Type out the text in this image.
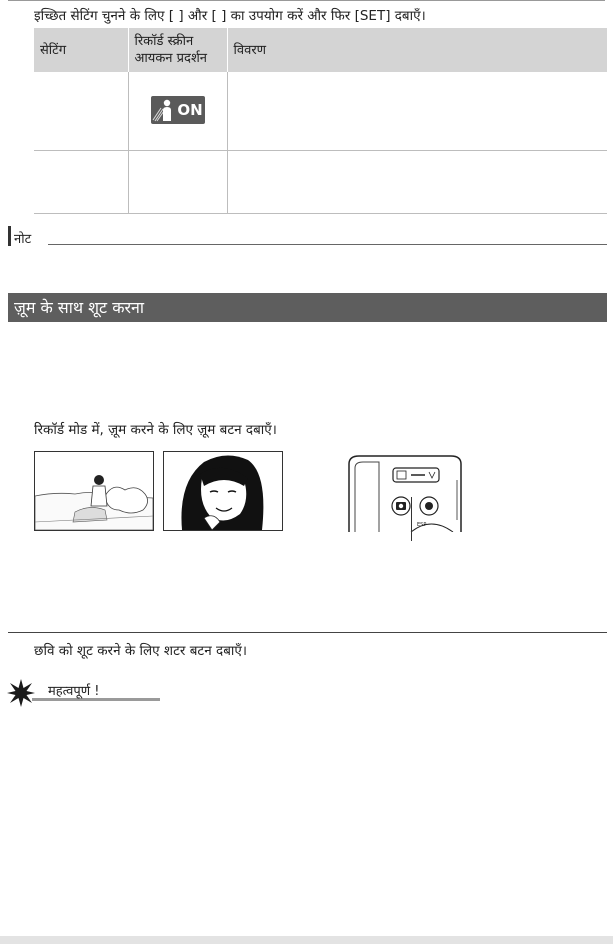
इच्छित सेटिंग चुनने के लिए [ ] और [ ] का उपयोग करें और फिर [SET] दबाएँ।
सेटिंग	रिकॉर्ड स्क्रीन आयकन प्रदर्शन	विवरण

	ON	

नोट
ज़ूम के साथ शूट करना
रिकॉर्ड मोड में, ज़ूम करने के लिए ज़ूम बटन दबाएँ।
ESP
छवि को शूट करने के लिए शटर बटन दबाएँ।
महत्वपूर्ण !
